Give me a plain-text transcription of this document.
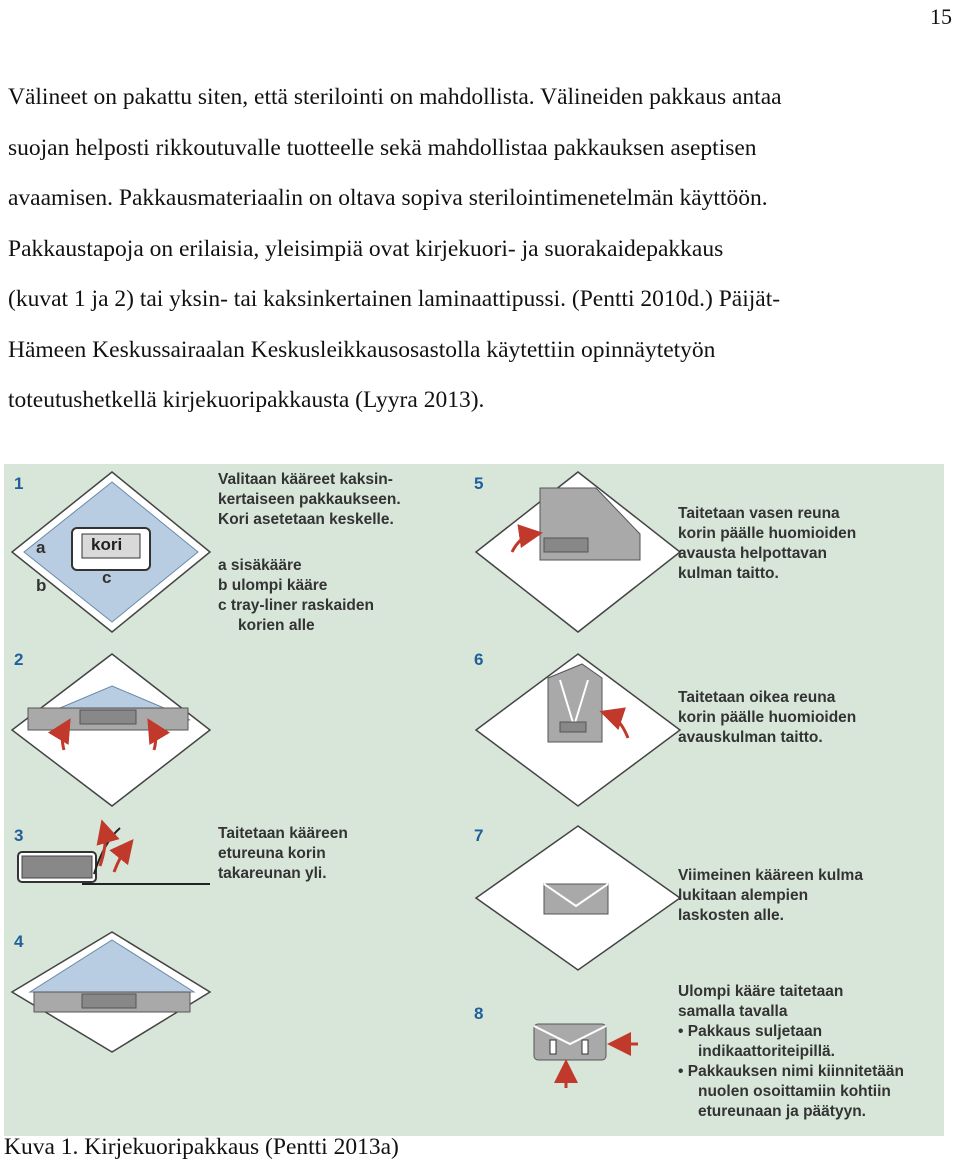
15

Välineet on pakattu siten, että sterilointi on mahdollista. Välineiden pakkaus antaa
suojan helposti rikkoutuvalle tuotteelle sekä mahdollistaa pakkauksen aseptisen
avaamisen. Pakkausmateriaalin on oltava sopiva sterilointimenetelmän käyttöön.
Pakkaustapoja on erilaisia, yleisimpiä ovat kirjekuori- ja suorakaidepakkaus
(kuvat 1 ja 2) tai yksin- tai kaksinkertainen laminaattipussi. (Pentti 2010d.) Päijät-
Hämeen Keskussairaalan Keskusleikkausosastolla käytettiin opinnäytetyön
toteutushetkellä kirjekuoripakkausta (Lyyra 2013).

1
kori
a
b	c
Valitaan kääreet kaksin-
kertaiseen pakkaukseen.
Kori asetetaan keskelle.
a sisäkääre
b ulompi kääre
c tray-liner raskaiden
korien alle
2
3	Taitetaan kääreen
etureuna korin
takareunan yli.
4
5
Taitetaan vasen reuna
korin päälle huomioiden
avausta helpottavan
kulman taitto.
6
Taitetaan oikea reuna
korin päälle huomioiden
avauskulman taitto.
7
Viimeinen kääreen kulma
lukitaan alempien
laskosten alle.
8
Ulompi kääre taitetaan
samalla tavalla
• Pakkaus suljetaan
indikaattoriteipillä.
• Pakkauksen nimi kiinnitetään
nuolen osoittamiin kohtiin
etureunaan ja päätyyn.

Kuva 1. Kirjekuoripakkaus (Pentti 2013a)
